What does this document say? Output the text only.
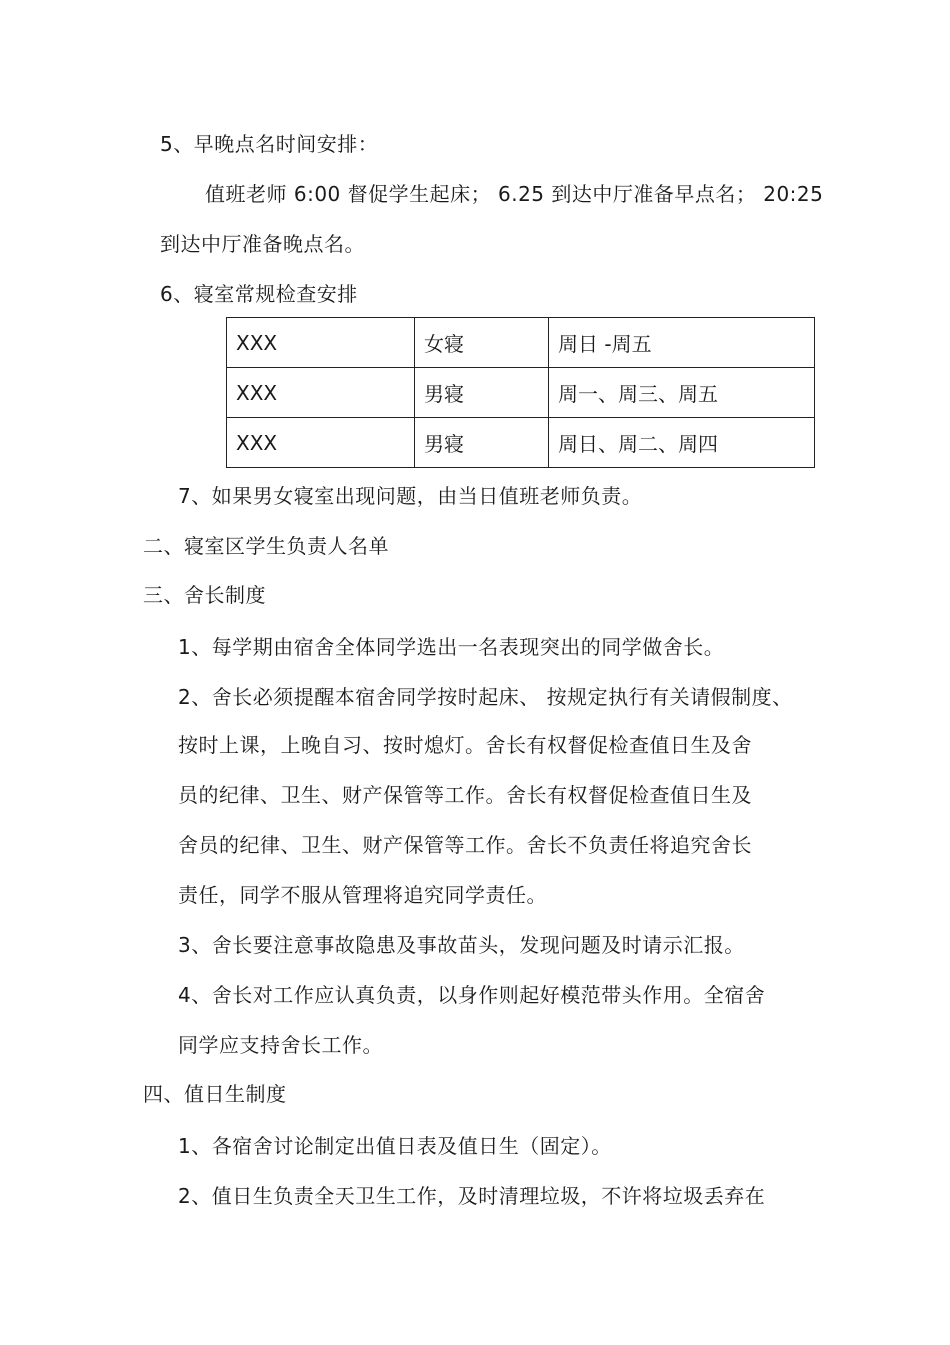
5、早晚点名时间安排：
值班老师 6:00 督促学生起床； 6.25 到达中厅准备早点名； 20:25
到达中厅准备晚点名。
6、寝室常规检查安排
XXX	女寝	周日 -周五
XXX	男寝	周一、周三、周五
XXX	男寝	周日、周二、周四
7、如果男女寝室出现问题，由当日值班老师负责。
二、寝室区学生负责人名单
三、舍长制度
1、每学期由宿舍全体同学选出一名表现突出的同学做舍长。
2、舍长必须提醒本宿舍同学按时起床、 按规定执行有关请假制度、
按时上课，上晚自习、按时熄灯。舍长有权督促检查值日生及舍
员的纪律、卫生、财产保管等工作。舍长有权督促检查值日生及
舍员的纪律、卫生、财产保管等工作。舍长不负责任将追究舍长
责任，同学不服从管理将追究同学责任。
3、舍长要注意事故隐患及事故苗头，发现问题及时请示汇报。
4、舍长对工作应认真负责，以身作则起好模范带头作用。全宿舍
同学应支持舍长工作。
四、值日生制度
1、各宿舍讨论制定出值日表及值日生（固定）。
2、值日生负责全天卫生工作，及时清理垃圾，不许将垃圾丢弃在
